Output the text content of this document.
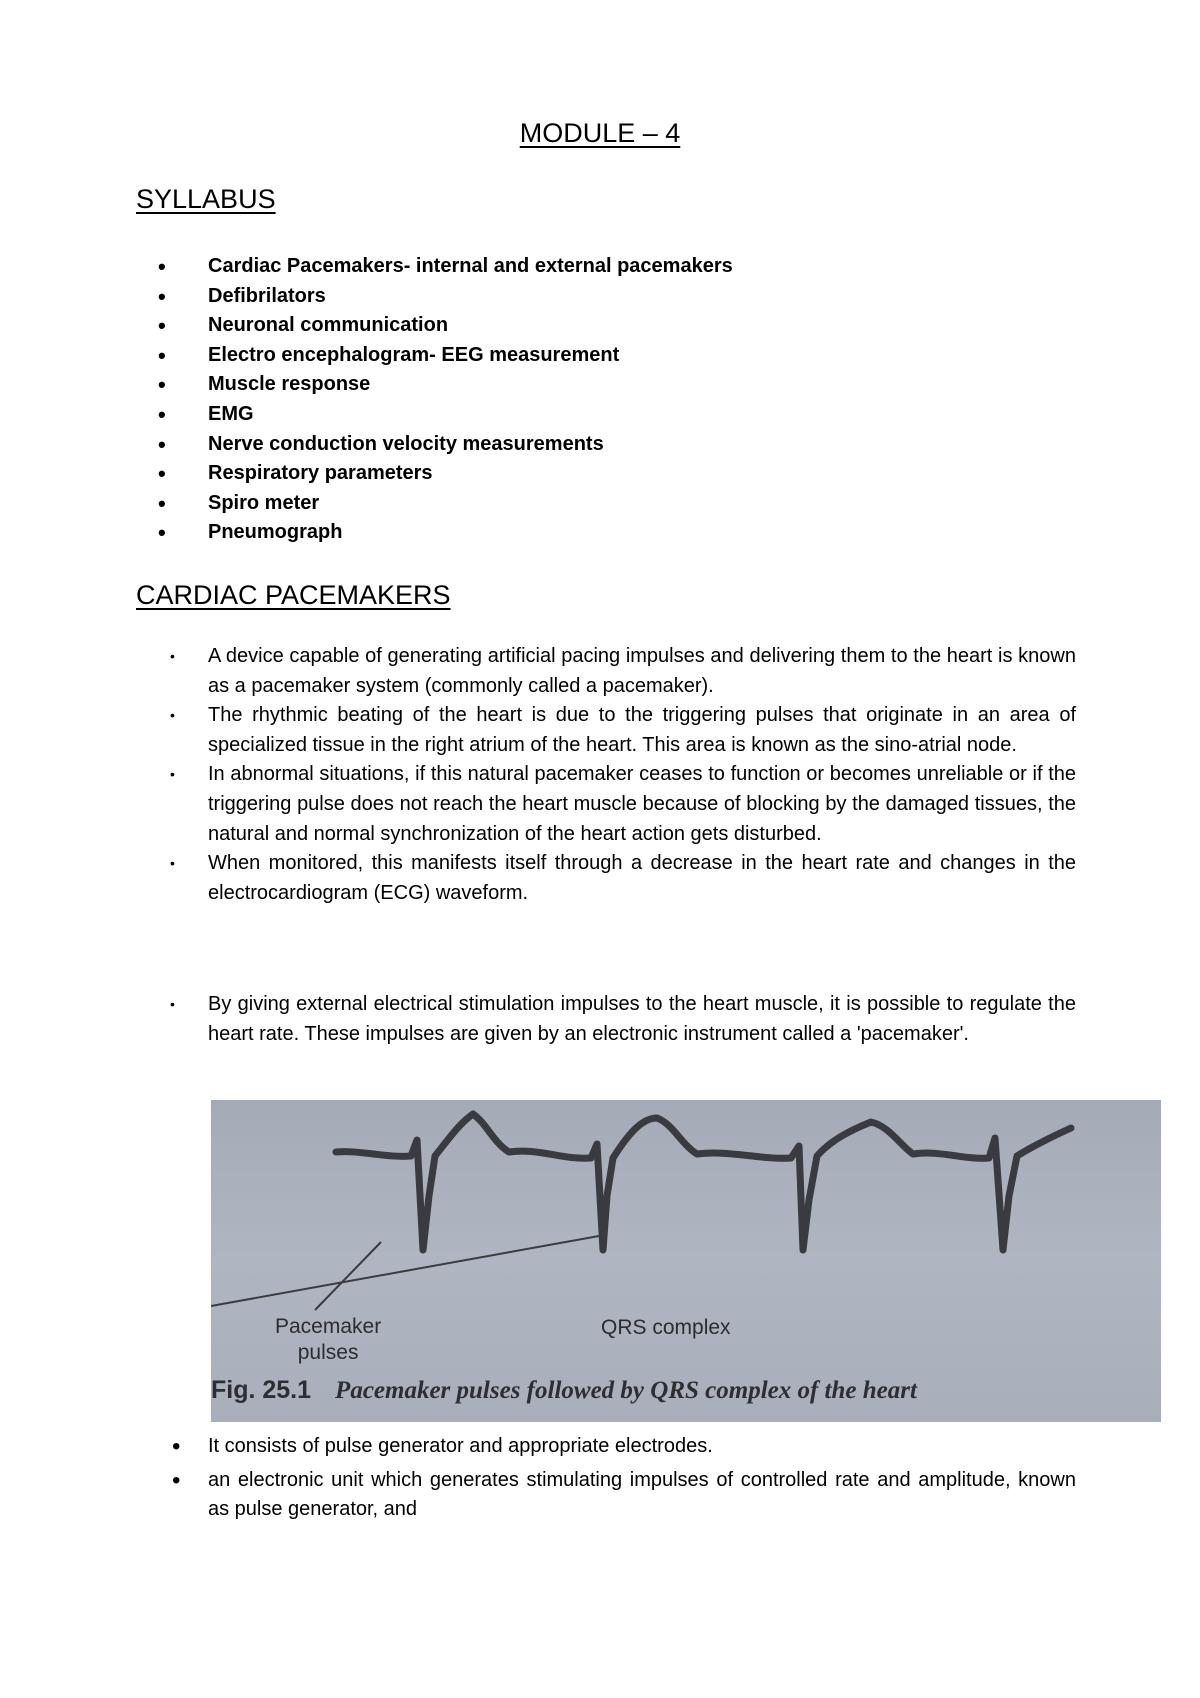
MODULE – 4
SYLLABUS
• Cardiac Pacemakers- internal and external pacemakers
• Defibrilators
• Neuronal communication
• Electro encephalogram- EEG measurement
• Muscle response
• EMG
• Nerve conduction velocity measurements
• Respiratory parameters
• Spiro meter
• Pneumograph
CARDIAC PACEMAKERS
• A device capable of generating artificial pacing impulses and delivering them to the heart is known as a pacemaker system (commonly called a pacemaker).
• The rhythmic beating of the heart is due to the triggering pulses that originate in an area of specialized tissue in the right atrium of the heart. This area is known as the sino-atrial node.
• In abnormal situations, if this natural pacemaker ceases to function or becomes unreliable or if the triggering pulse does not reach the heart muscle because of blocking by the damaged tissues, the natural and normal synchronization of the heart action gets disturbed.
• When monitored, this manifests itself through a decrease in the heart rate and changes in the electrocardiogram (ECG) waveform.
• By giving external electrical stimulation impulses to the heart muscle, it is possible to regulate the heart rate. These impulses are given by an electronic instrument called a 'pacemaker'.
Pacemaker
pulses
QRS complex
Fig. 25.1 Pacemaker pulses followed by QRS complex of the heart
• It consists of pulse generator and appropriate electrodes.
• an electronic unit which generates stimulating impulses of controlled rate and amplitude, known as pulse generator, and
